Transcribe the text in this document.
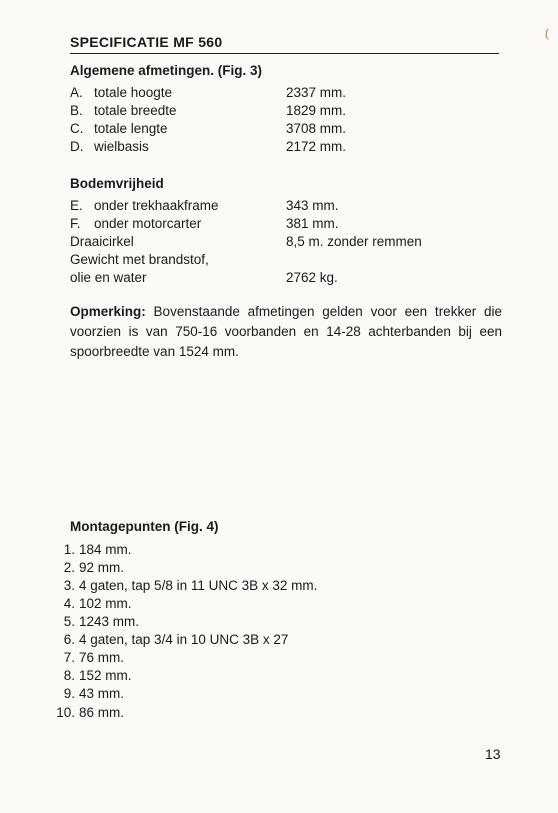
SPECIFICATIE MF 560	(
Algemene afmetingen. (Fig. 3)
A. totale hoogte	2337 mm.
B. totale breedte	1829 mm.
C. totale lengte	3708 mm.
D. wielbasis	2172 mm.
Bodemvrijheid
E. onder trekhaakframe	343 mm.
F. onder motorcarter	381 mm.
Draaicirkel	8,5 m. zonder remmen
Gewicht met brandstof,
olie en water	2762 kg.
Opmerking: Bovenstaande afmetingen gelden voor een trekker die voorzien is van 750-16 voorbanden en 14-28 achterbanden bij een spoorbreedte van 1524 mm.
Montagepunten (Fig. 4)
1. 184 mm.
2. 92 mm.
3. 4 gaten, tap 5/8 in 11 UNC 3B x 32 mm.
4. 102 mm.
5. 1243 mm.
6. 4 gaten, tap 3/4 in 10 UNC 3B x 27
7. 76 mm.
8. 152 mm.
9. 43 mm.
10. 86 mm.
13
